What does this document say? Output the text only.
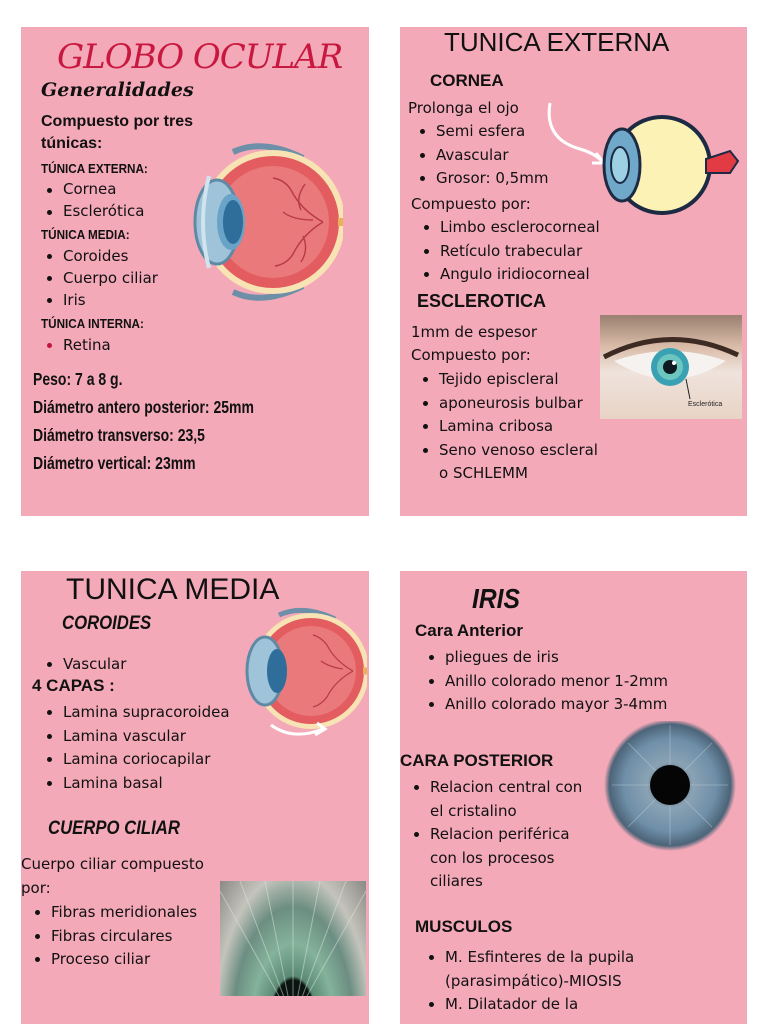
GLOBO OCULAR
Generalidades
Compuesto por tres túnicas:
TÚNICA EXTERNA:
Cornea
Esclerótica
TÚNICA MEDIA:
Coroides
Cuerpo ciliar
Iris
TÚNICA INTERNA:
Retina
Peso: 7 a 8 g.
Diámetro antero posterior: 25mm
Diámetro transverso: 23,5
Diámetro vertical: 23mm
TUNICA EXTERNA
CORNEA
Prolonga el ojo
Semi esfera
Avascular
Grosor: 0,5mm
Compuesto por:
Limbo esclerocorneal
Retículo trabecular
Angulo iridiocorneal
ESCLEROTICA
1mm de espesor
Compuesto por:
Tejido episcleral
aponeurosis bulbar
Lamina cribosa
Seno venoso escleral
o SCHLEMM
Esclerótica
TUNICA MEDIA
COROIDES
Vascular
4 CAPAS :
Lamina supracoroidea
Lamina vascular
Lamina coriocapilar
Lamina basal
CUERPO CILIAR
Cuerpo ciliar compuesto
por:
Fibras meridionales
Fibras circulares
Proceso ciliar
IRIS
Cara Anterior
pliegues de iris
Anillo colorado menor 1-2mm
Anillo colorado mayor 3-4mm
CARA POSTERIOR
Relacion central con
el cristalino
Relacion periférica
con los procesos
ciliares
MUSCULOS
M. Esfinteres de la pupila
(parasimpático)-MIOSIS
M. Dilatador de la
